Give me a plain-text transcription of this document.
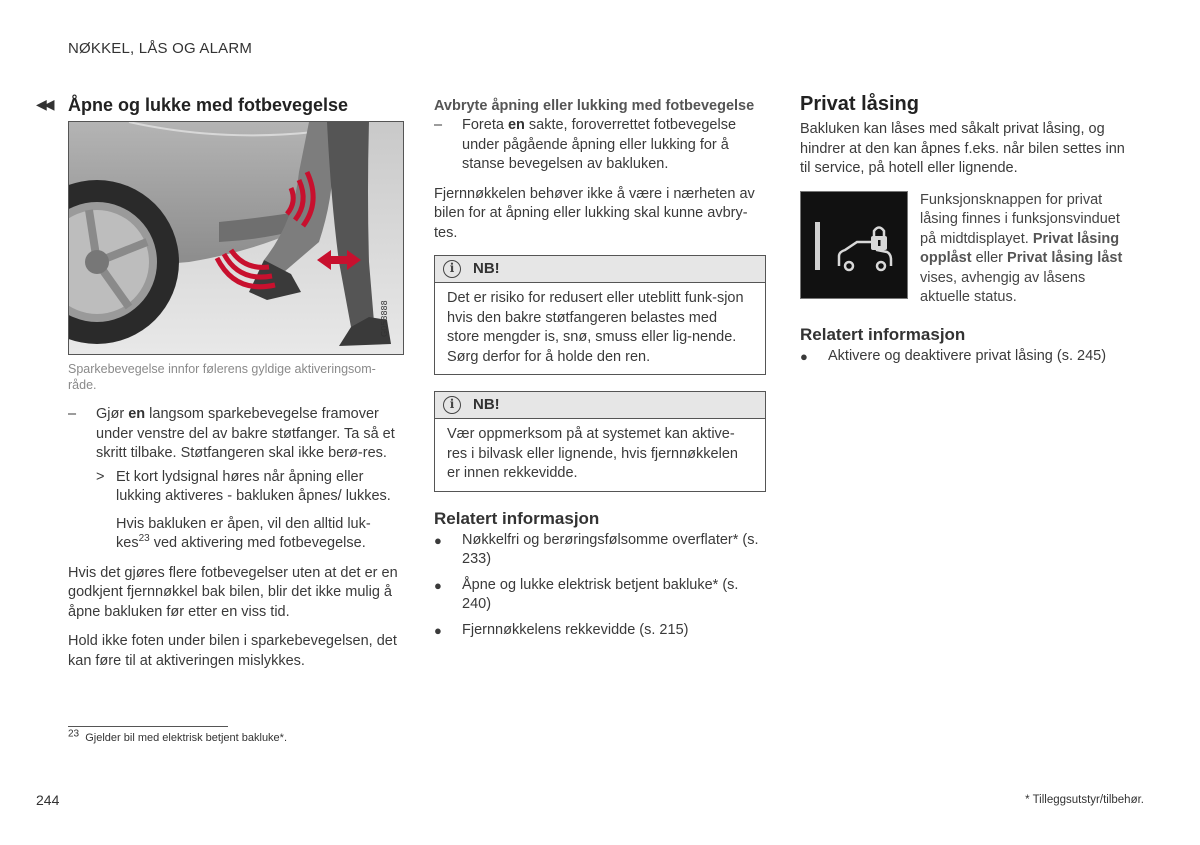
NØKKEL, LÅS OG ALARM
◀◀ Åpne og lukke med fotbevegelse
G058888
Sparkebevegelse innfor følerens gyldige aktiveringsom-råde.
–	Gjør en langsom sparkebevegelse framover under venstre del av bakre støtfanger. Ta så et skritt tilbake. Støtfangeren skal ikke berø-res.
> Et kort lydsignal høres når åpning eller lukking aktiveres - bakluken åpnes/ lukkes.
Hvis bakluken er åpen, vil den alltid luk-kes$^{23}$ ved aktivering med fotbevegelse.

Hvis det gjøres flere fotbevegelser uten at det er en godkjent fjernnøkkel bak bilen, blir det ikke mulig å åpne bakluken før etter en viss tid.

Hold ikke foten under bilen i sparkebevegelsen, det kan føre til at aktiveringen mislykkes.

Avbryte åpning eller lukking med fotbevegelse
–	Foreta en sakte, foroverrettet fotbevegelse under pågående åpning eller lukking for å stanse bevegelsen av bakluken.

Fjernnøkkelen behøver ikke å være i nærheten av bilen for at åpning eller lukking skal kunne avbry-tes.

i	NB!
Det er risiko for redusert eller uteblitt funk-sjon hvis den bakre støtfangeren belastes med store mengder is, snø, smuss eller lig-nende. Sørg derfor for å holde den ren.
i	NB!
Vær oppmerksom på at systemet kan aktive-res i bilvask eller lignende, hvis fjernnøkkelen er innen rekkevidde.
Relatert informasjon
●	Nøkkelfri og berøringsfølsomme overflater* (s. 233)
●	Åpne og lukke elektrisk betjent bakluke* (s. 240)
●	Fjernnøkkelens rekkevidde (s. 215)
Privat låsing

Bakluken kan låses med såkalt privat låsing, og hindrer at den kan åpnes f.eks. når bilen settes inn til service, på hotell eller lignende.

Funksjonsknappen for privat låsing finnes i funksjonsvinduet på midtdisplayet. Privat låsing opplåst eller Privat låsing låst vises, avhengig av låsens aktuelle status.

Relatert informasjon
●	Aktivere og deaktivere privat låsing (s. 245)
$^{23}$ Gjelder bil med elektrisk betjent bakluke*.
244	* Tilleggsutstyr/tilbehør.
